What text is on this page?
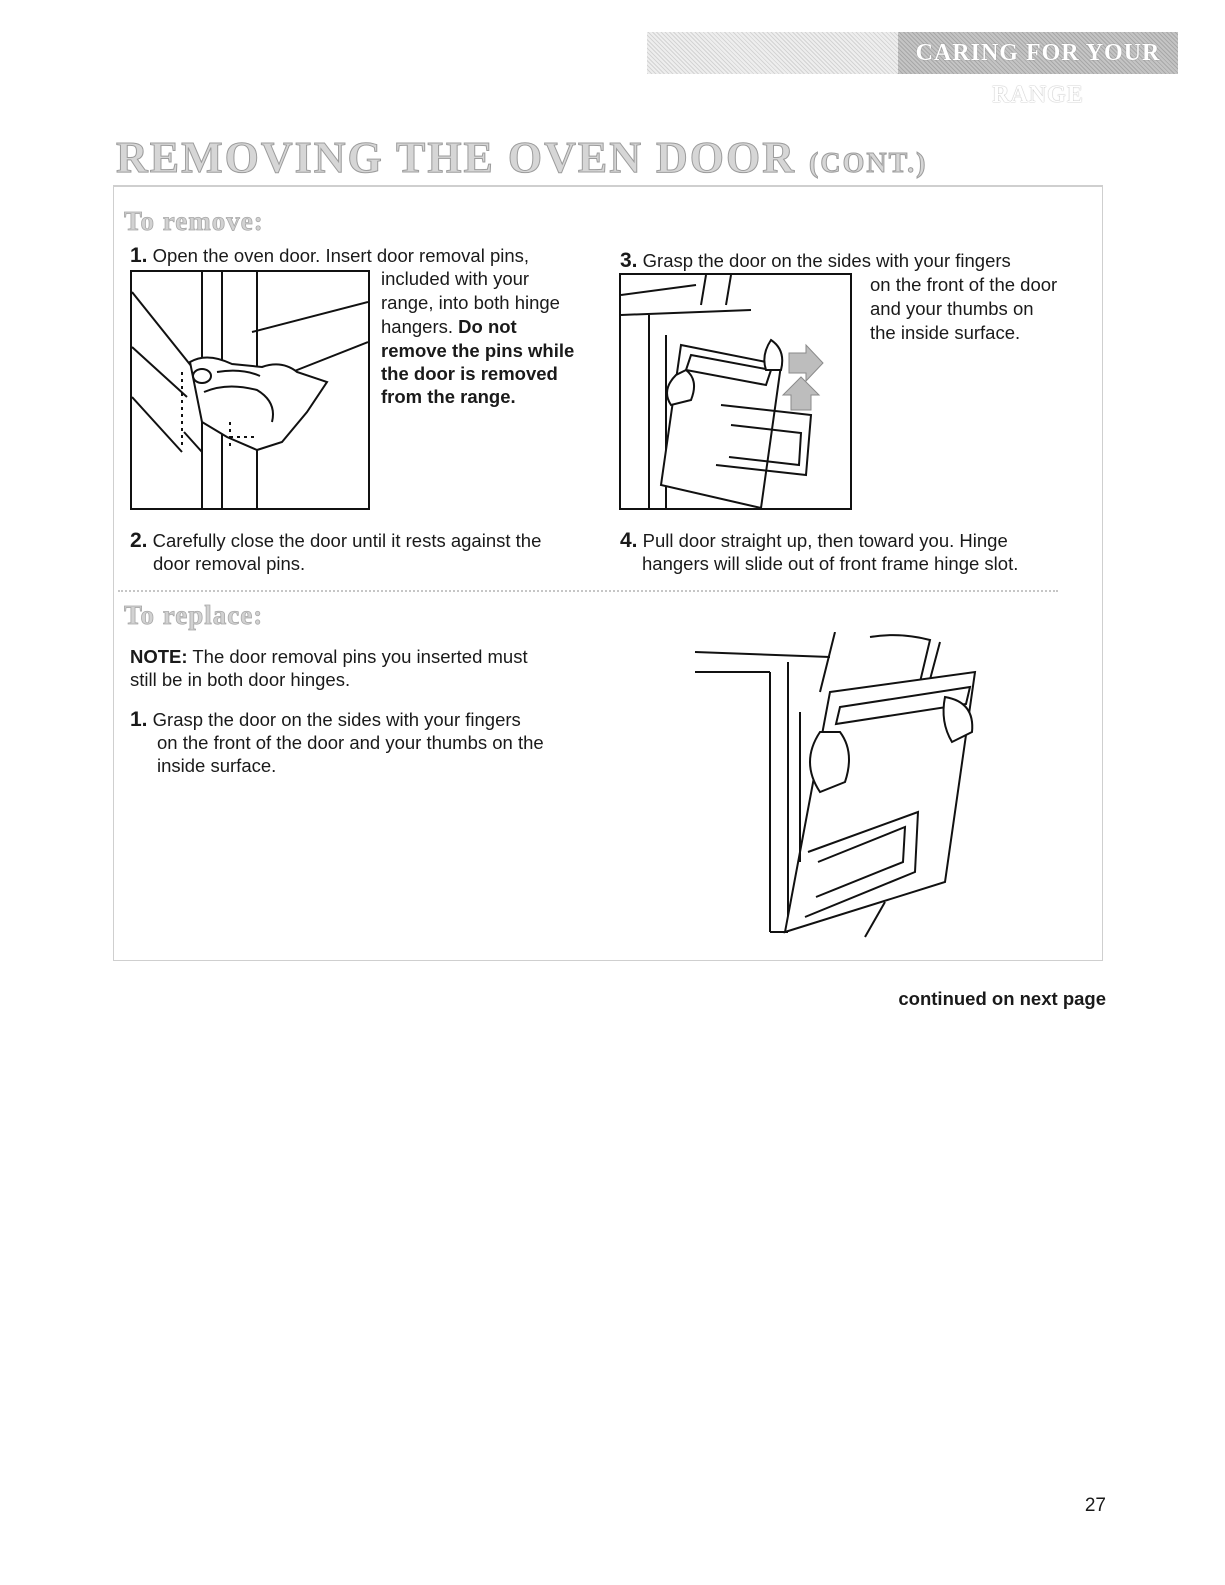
CARING FOR YOUR RANGE
REMOVING THE OVEN DOOR (CONT.)
To remove:
1. Open the oven door. Insert door removal pins,
included with your
range, into both hinge
hangers. Do not
remove the pins while
the door is removed
from the range.
2. Carefully close the door until it rests against the
door removal pins.
3. Grasp the door on the sides with your fingers
on the front of the door
and your thumbs on
the inside surface.
4. Pull door straight up, then toward you. Hinge
hangers will slide out of front frame hinge slot.
To replace:
NOTE: The door removal pins you inserted must
still be in both door hinges.
1. Grasp the door on the sides with your fingers
on the front of the door and your thumbs on the
inside surface.
continued on next page
27
